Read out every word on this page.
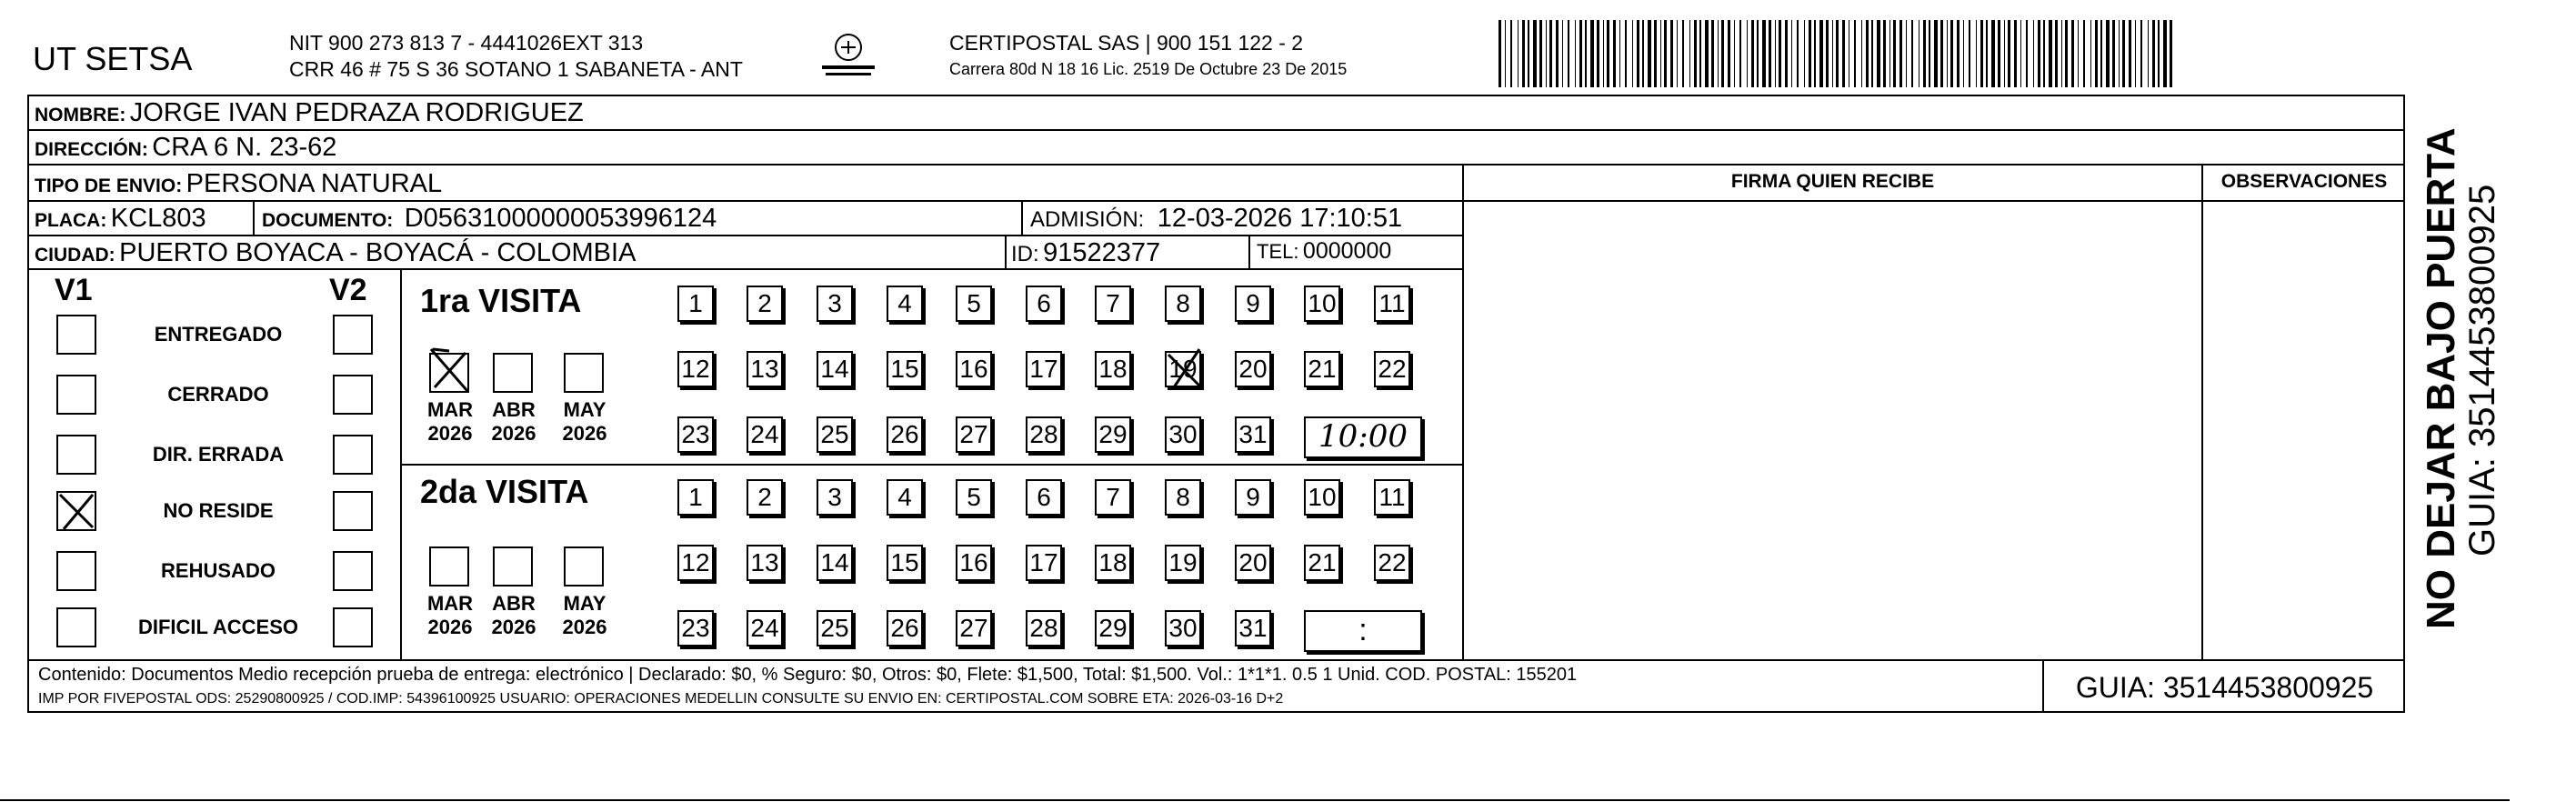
UT SETSA	NIT 900 273 813 7 - 4441026EXT 313
CRR 46 # 75 S 36 SOTANO 1 SABANETA - ANT
CERTIPOSTAL SAS | 900 151 122 - 2
Carrera 80d N 18 16 Lic. 2519 De Octubre 23 De 2015
NOMBRE: JORGE IVAN PEDRAZA RODRIGUEZ
DIRECCIÓN: CRA 6 N. 23-62
TIPO DE ENVIO: PERSONA NATURAL
PLACA: KCL803	DOCUMENTO: D05631000000053996124	ADMISIÓN: 12-03-2026 17:10:51
CIUDAD: PUERTO BOYACA - BOYACÁ - COLOMBIA	ID: 91522377	TEL: 0000000
FIRMA QUIEN RECIBE	OBSERVACIONES
V1	V2
ENTREGADO
CERRADO
DIR. ERRADA
NO RESIDE
REHUSADO
DIFICIL ACCESO
1ra VISITA
2da VISITA
1	2	3	4	5	6	7	8	9	10 11
12 13 14 15 16 17 18 19 20 21 22
23 24 25 26 27 28 29 30 31	10:00
MAR
2026
ABR
2026
MAY
2026
1	2	3	4	5	6	7	8	9	10 11
12 13 14 15 16 17 18 19 20 21 22
23 24 25 26 27 28 29 30 31	:
MAR
2026
ABR
2026
MAY
2026
Contenido: Documentos Medio recepción prueba de entrega: electrónico | Declarado: $0, % Seguro: $0, Otros: $0, Flete: $1,500, Total: $1,500. Vol.: 1*1*1. 0.5 1 Unid. COD. POSTAL: 155201
IMP POR FIVEPOSTAL ODS: 25290800925 / COD.IMP: 54396100925 USUARIO: OPERACIONES MEDELLIN CONSULTE SU ENVIO EN: CERTIPOSTAL.COM SOBRE ETA: 2026-03-16 D+2	GUIA: 3514453800925
NO DEJAR BAJO PUERTA GUIA: 3514453800925
